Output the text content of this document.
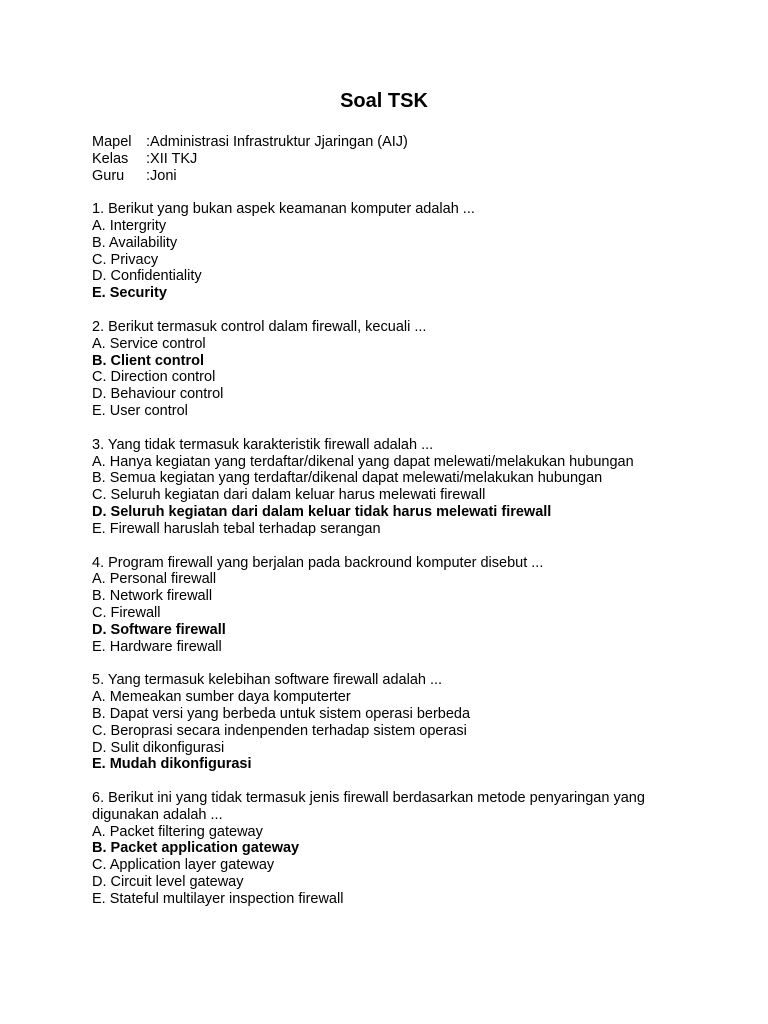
Soal TSK
Mapel	: Administrasi Infrastruktur Jjaringan (AIJ)
Kelas	: XII TKJ
Guru	: Joni
1. Berikut yang bukan aspek keamanan komputer adalah ...
A. Intergrity
B. Availability
C. Privacy
D. Confidentiality
E. Security
2. Berikut termasuk control dalam firewall, kecuali ...
A. Service control
B. Client control
C. Direction control
D. Behaviour control
E. User control
3. Yang tidak termasuk karakteristik firewall adalah ...
A. Hanya kegiatan yang terdaftar/dikenal yang dapat melewati/melakukan hubungan
B. Semua kegiatan yang terdaftar/dikenal dapat melewati/melakukan hubungan
C. Seluruh kegiatan dari dalam keluar harus melewati firewall
D. Seluruh kegiatan dari dalam keluar tidak harus melewati firewall
E. Firewall haruslah tebal terhadap serangan
4. Program firewall yang berjalan pada backround komputer disebut ...
A. Personal firewall
B. Network firewall
C. Firewall
D. Software firewall
E. Hardware firewall
5. Yang termasuk kelebihan software firewall adalah ...
A. Memeakan sumber daya komputerter
B. Dapat versi yang berbeda untuk sistem operasi berbeda
C. Beroprasi secara indenpenden terhadap sistem operasi
D. Sulit dikonfigurasi
E. Mudah dikonfigurasi
6. Berikut ini yang tidak termasuk jenis firewall berdasarkan metode penyaringan yang digunakan adalah ...
A. Packet filtering gateway
B. Packet application gateway
C. Application layer gateway
D. Circuit level gateway
E. Stateful multilayer inspection firewall
